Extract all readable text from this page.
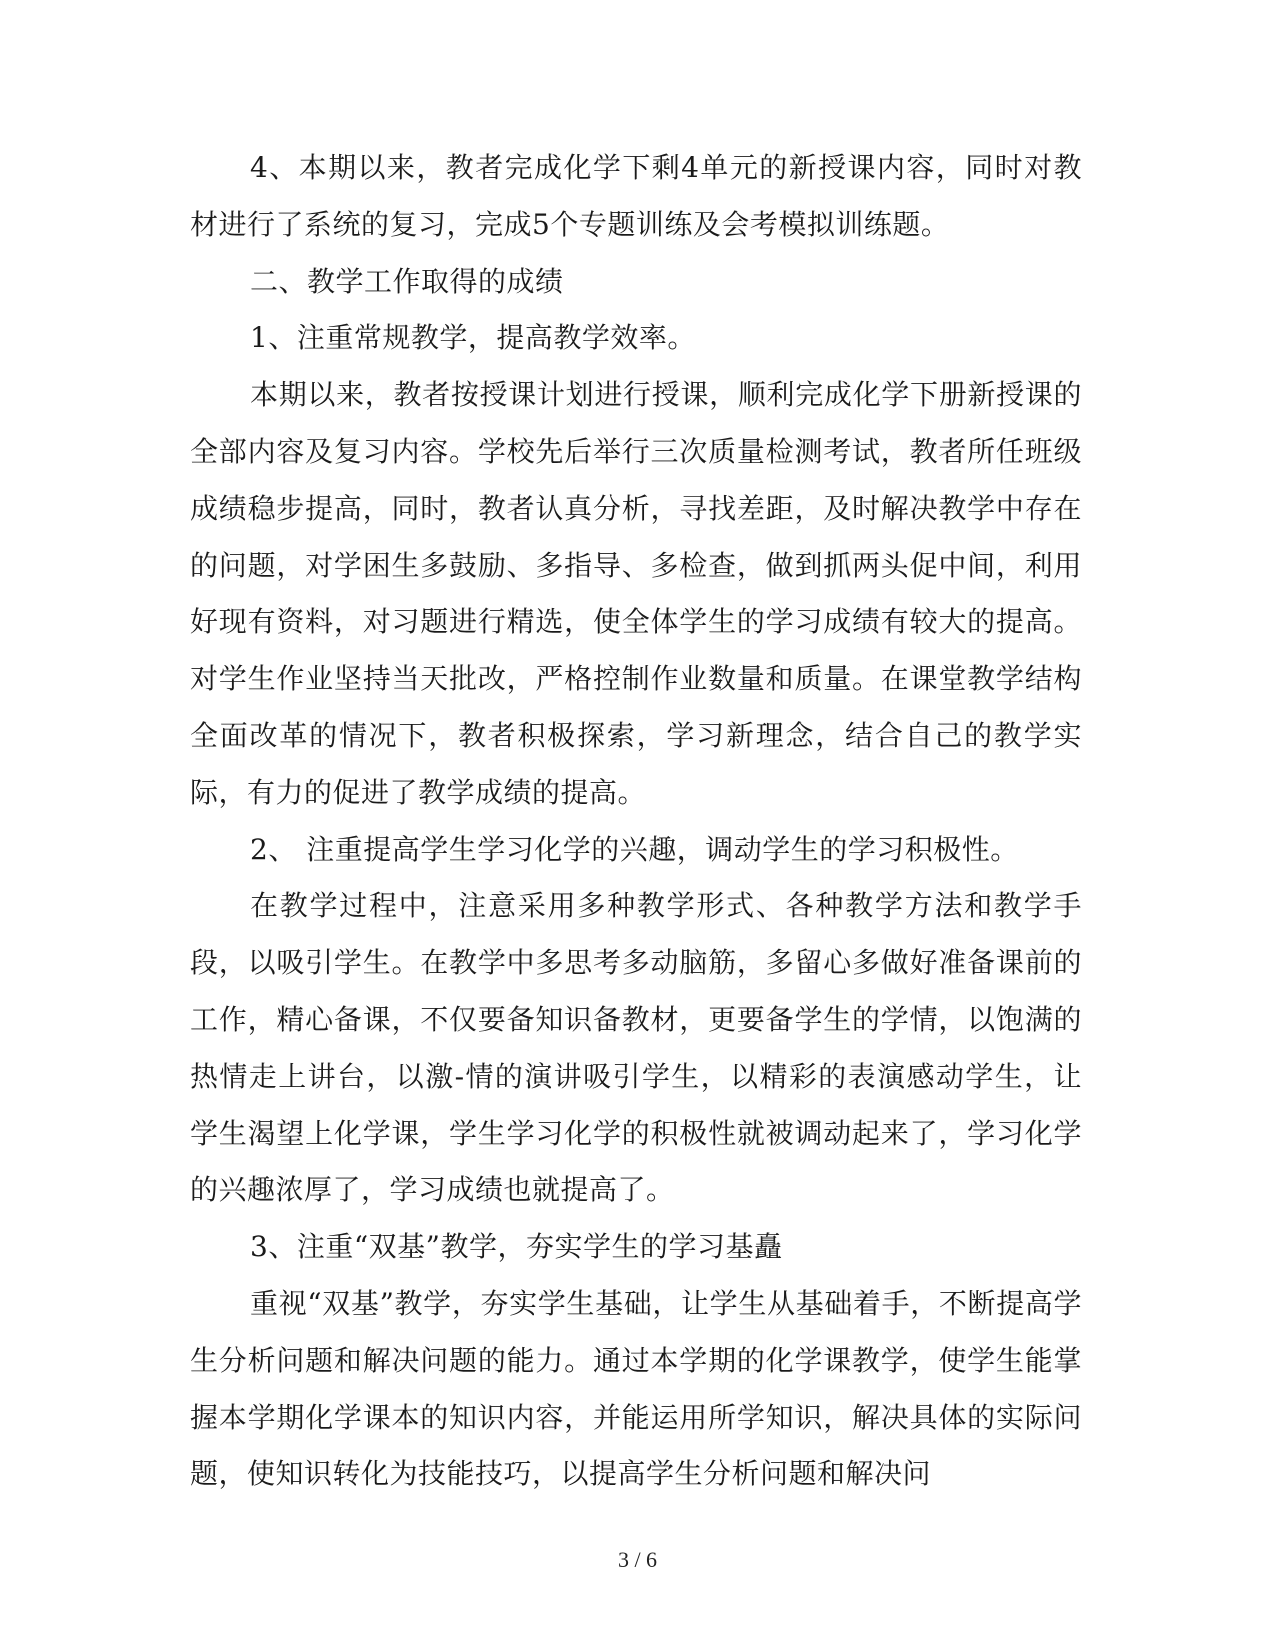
4、本期以来，教者完成化学下剩4单元的新授课内容，同时对教材进行了系统的复习，完成5个专题训练及会考模拟训练题。

二、教学工作取得的成绩

1、注重常规教学，提高教学效率。

本期以来，教者按授课计划进行授课，顺利完成化学下册新授课的全部内容及复习内容。学校先后举行三次质量检测考试，教者所任班级成绩稳步提高，同时，教者认真分析，寻找差距，及时解决教学中存在的问题，对学困生多鼓励、多指导、多检查，做到抓两头促中间，利用好现有资料，对习题进行精选，使全体学生的学习成绩有较大的提高。对学生作业坚持当天批改，严格控制作业数量和质量。在课堂教学结构全面改革的情况下，教者积极探索，学习新理念，结合自己的教学实际，有力的促进了教学成绩的提高。

2、 注重提高学生学习化学的兴趣，调动学生的学习积极性。

在教学过程中，注意采用多种教学形式、各种教学方法和教学手段，以吸引学生。在教学中多思考多动脑筋，多留心多做好准备课前的工作，精心备课，不仅要备知识备教材，更要备学生的学情，以饱满的热情走上讲台，以激-情的演讲吸引学生，以精彩的表演感动学生，让学生渴望上化学课，学生学习化学的积极性就被调动起来了，学习化学的兴趣浓厚了，学习成绩也就提高了。

3、注重“双基”教学，夯实学生的学习基矗

重视“双基”教学，夯实学生基础，让学生从基础着手，不断提高学生分析问题和解决问题的能力。通过本学期的化学课教学，使学生能掌握本学期化学课本的知识内容，并能运用所学知识，解决具体的实际问题，使知识转化为技能技巧，以提高学生分析问题和解决问

3 / 6
